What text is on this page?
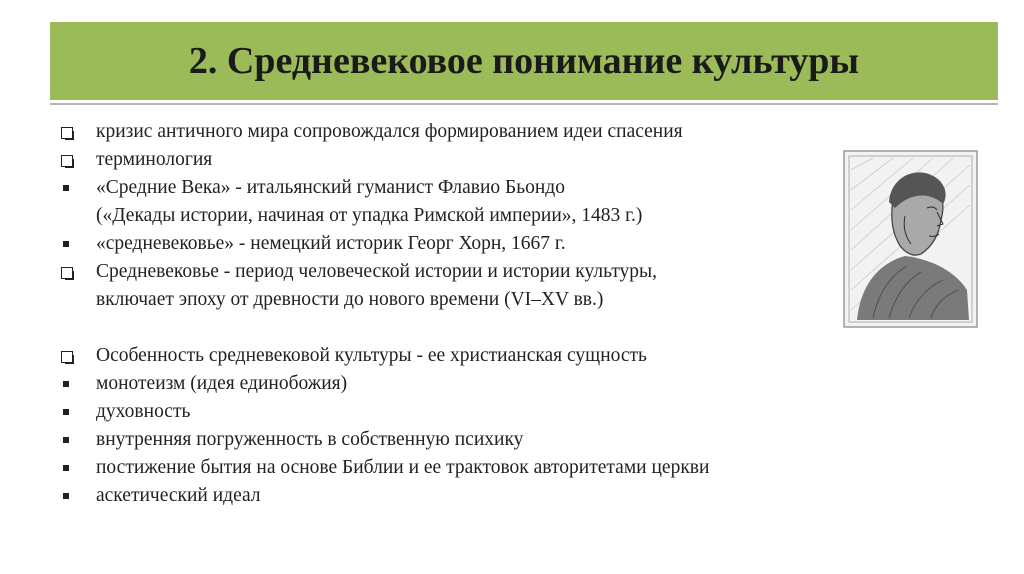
2. Средневековое понимание культуры
кризис античного мира сопровождался формированием идеи спасения
терминология
«Средние Века» - итальянский гуманист Флавио Бьондо
(«Декады истории, начиная от упадка Римской империи», 1483 г.)
«средневековье» - немецкий историк Георг Хорн, 1667 г.
Средневековье - период человеческой истории и истории культуры,
включает эпоху от древности до нового времени (VI–XV вв.)
Особенность средневековой культуры - ее христианская сущность
монотеизм (идея единобожия)
духовность
внутренняя погруженность в собственную психику
постижение бытия на основе Библии и ее трактовок авторитетами церкви
аскетический идеал
